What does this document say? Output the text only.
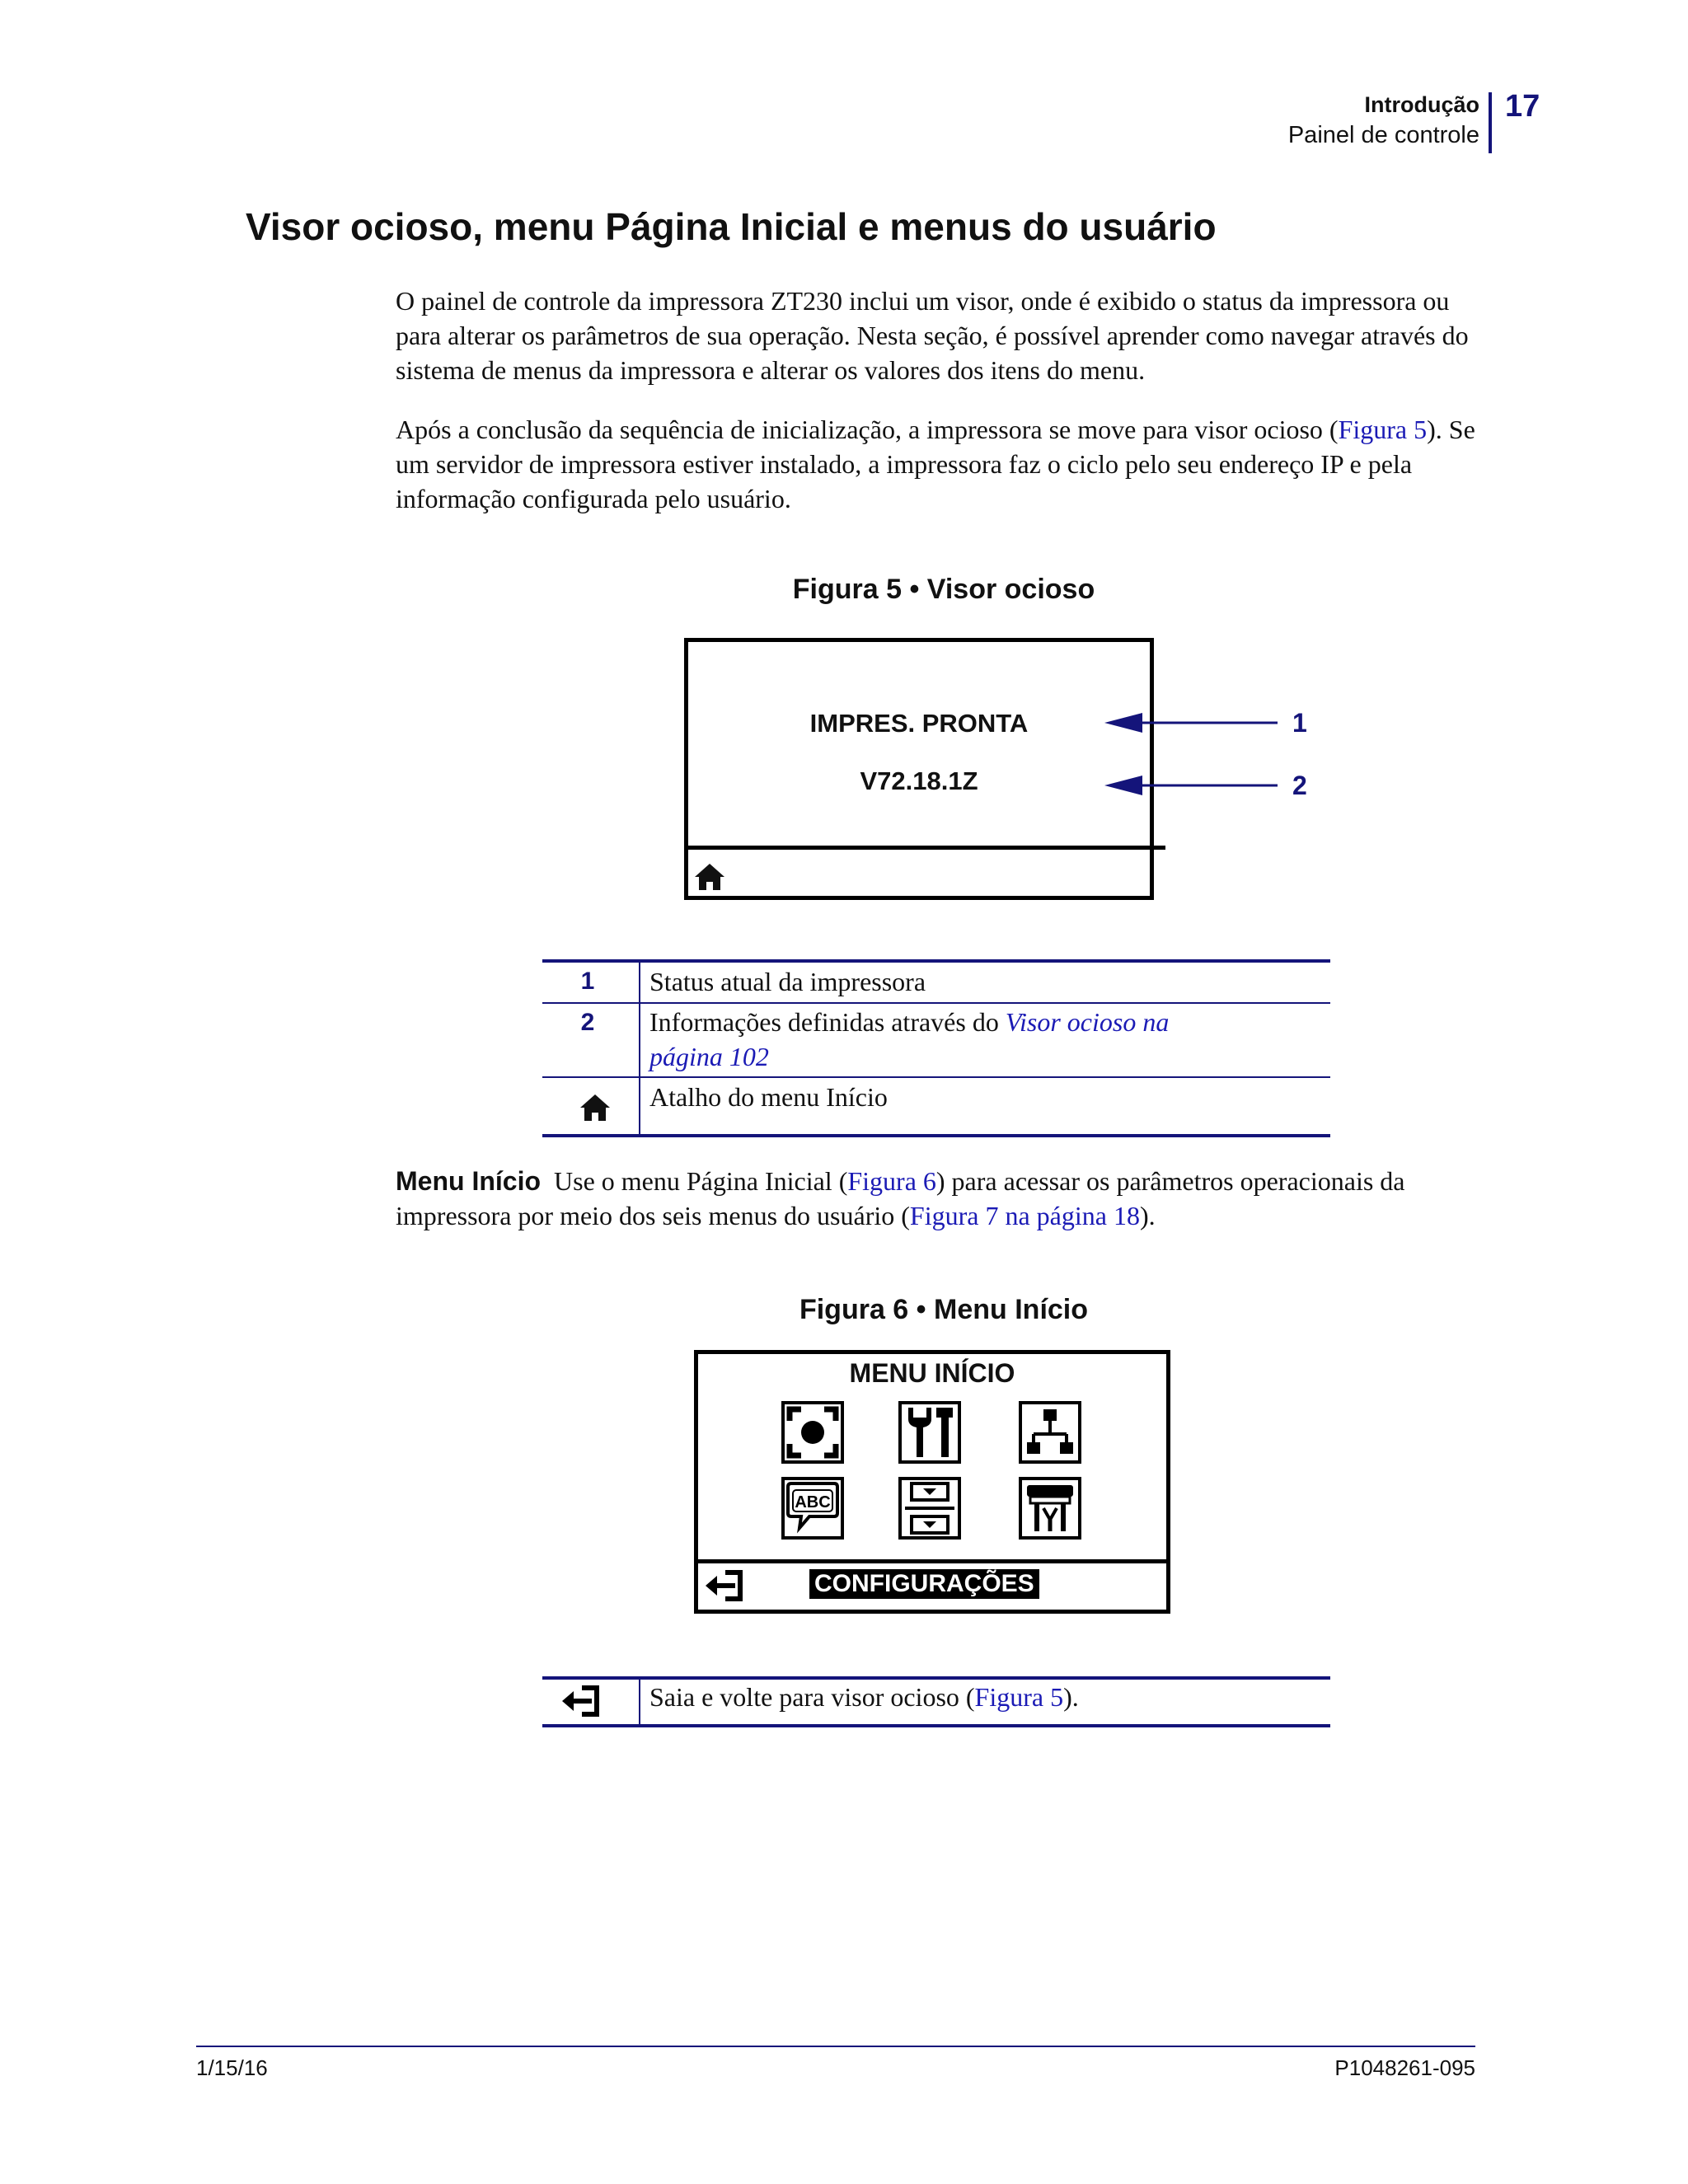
Introdução
Painel de controle
17
Visor ocioso, menu Página Inicial e menus do usuário
O painel de controle da impressora ZT230 inclui um visor, onde é exibido o status da impressora ou para alterar os parâmetros de sua operação. Nesta seção, é possível aprender como navegar através do sistema de menus da impressora e alterar os valores dos itens do menu.
Após a conclusão da sequência de inicialização, a impressora se move para visor ocioso (Figura 5). Se um servidor de impressora estiver instalado, a impressora faz o ciclo pelo seu endereço IP e pela informação configurada pelo usuário.
Figura 5 • Visor ocioso
IMPRES. PRONTA
V72.18.1Z
1
2
1	Status atual da impressora
2	Informações definidas através do Visor ocioso na página 102
Atalho do menu Início
Menu Início Use o menu Página Inicial (Figura 6) para acessar os parâmetros operacionais da impressora por meio dos seis menus do usuário (Figura 7 na página 18).
Figura 6 • Menu Início
MENU INÍCIO
ABC
CONFIGURAÇÕES
Saia e volte para visor ocioso (Figura 5).
1/15/16	P1048261-095
